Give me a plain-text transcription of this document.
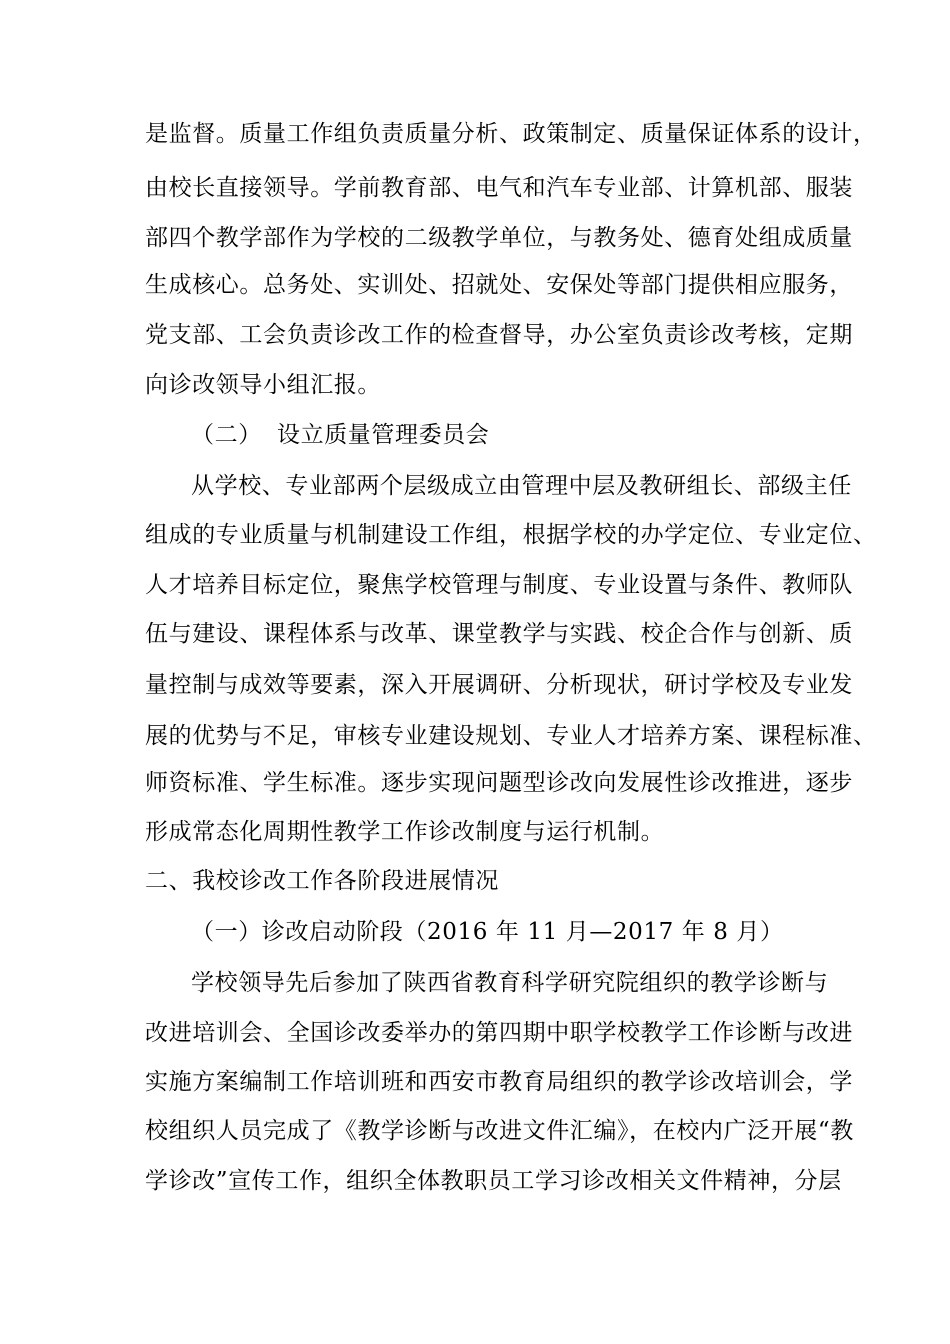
是监督。质量工作组负责质量分析、政策制定、质量保证体系的设计，
由校长直接领导。学前教育部、电气和汽车专业部、计算机部、服装
部四个教学部作为学校的二级教学单位，与教务处、德育处组成质量
生成核心。总务处、实训处、招就处、安保处等部门提供相应服务，
党支部、工会负责诊改工作的检查督导，办公室负责诊改考核，定期
向诊改领导小组汇报。
（二） 设立质量管理委员会
从学校、专业部两个层级成立由管理中层及教研组长、部级主任
组成的专业质量与机制建设工作组，根据学校的办学定位、专业定位、
人才培养目标定位，聚焦学校管理与制度、专业设置与条件、教师队
伍与建设、课程体系与改革、课堂教学与实践、校企合作与创新、质
量控制与成效等要素，深入开展调研、分析现状，研讨学校及专业发
展的优势与不足，审核专业建设规划、专业人才培养方案、课程标准、
师资标准、学生标准。逐步实现问题型诊改向发展性诊改推进，逐步
形成常态化周期性教学工作诊改制度与运行机制。
二、我校诊改工作各阶段进展情况
（一）诊改启动阶段（2016 年 11 月—2017 年 8 月）
学校领导先后参加了陕西省教育科学研究院组织的教学诊断与
改进培训会、全国诊改委举办的第四期中职学校教学工作诊断与改进
实施方案编制工作培训班和西安市教育局组织的教学诊改培训会，学
校组织人员完成了《教学诊断与改进文件汇编》，在校内广泛开展“教
学诊改”宣传工作，组织全体教职员工学习诊改相关文件精神，分层
